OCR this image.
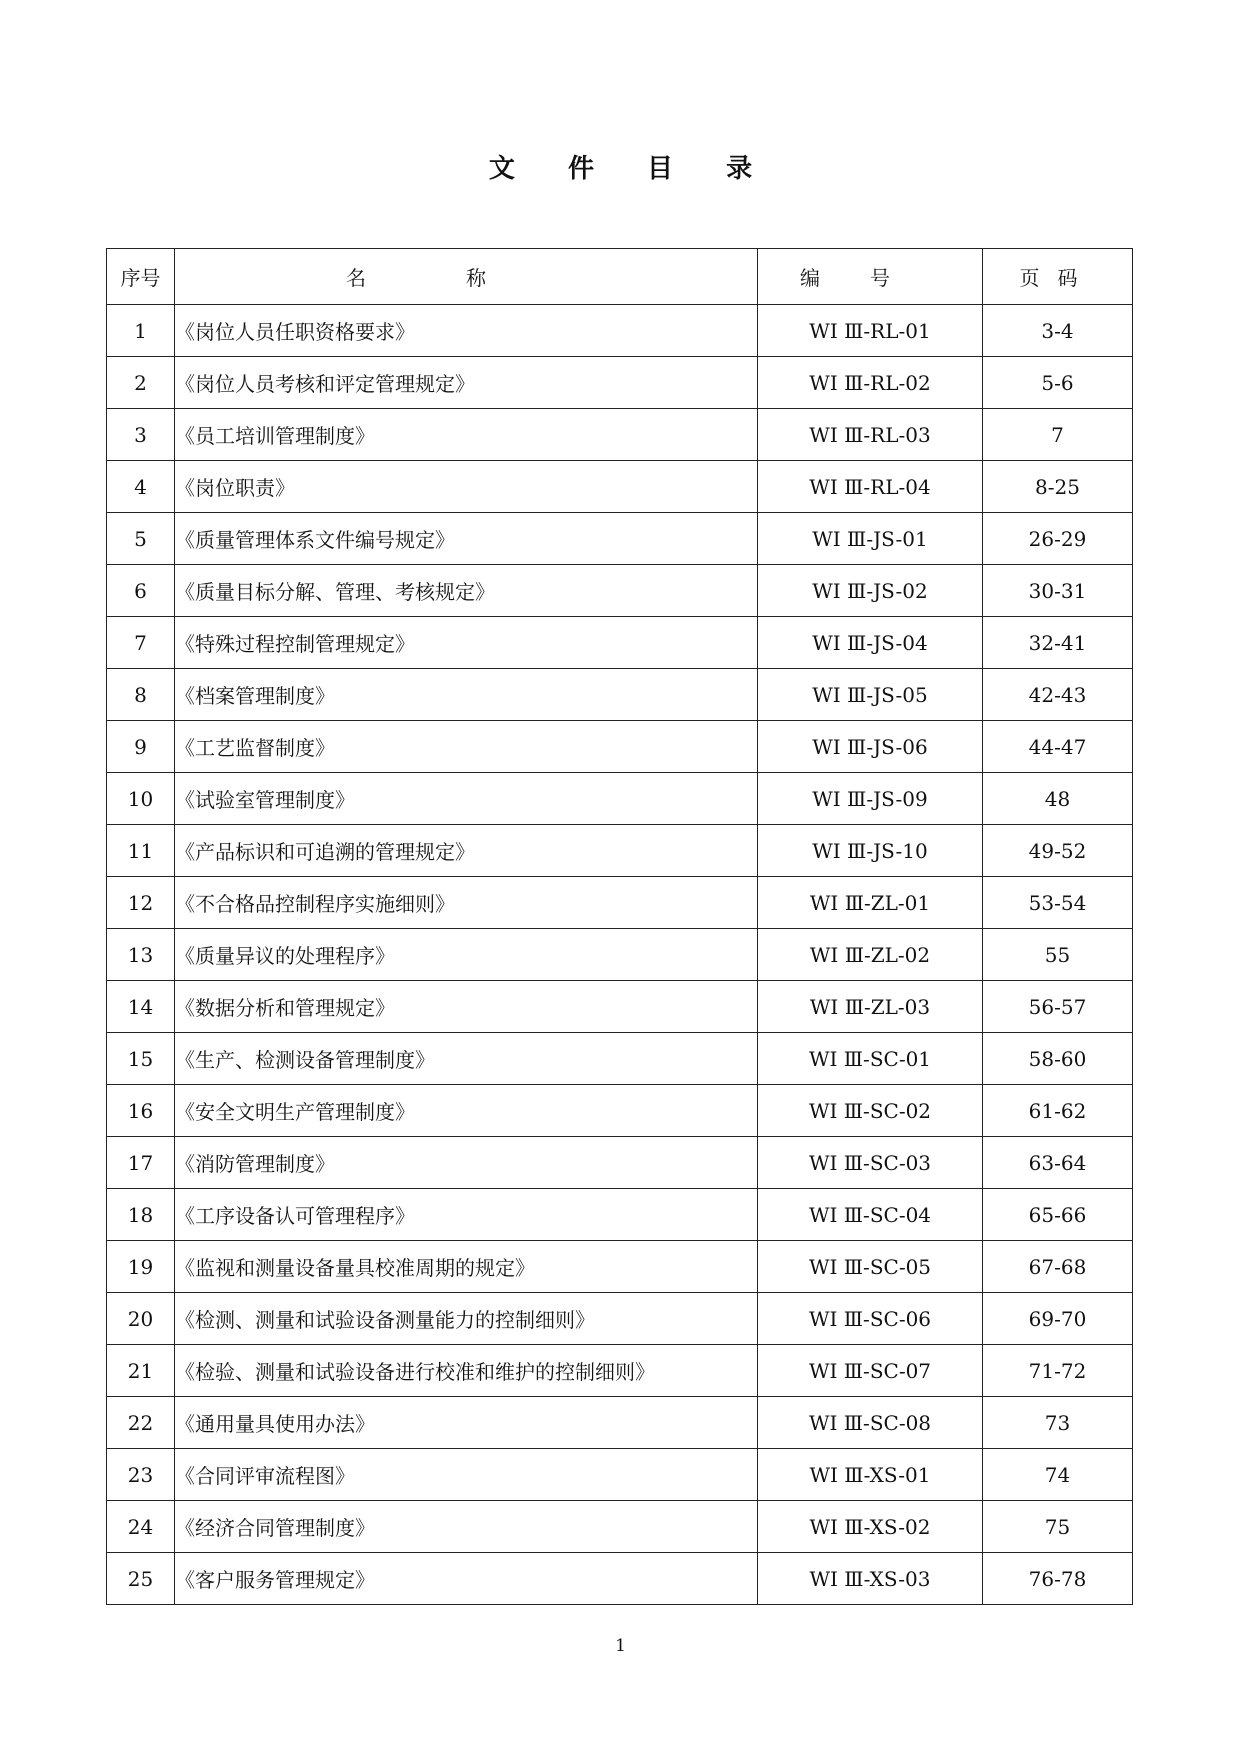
文 件 目 录
序号	名称	编号	页码
1	《岗位人员任职资格要求》	WI Ⅲ-RL-01	3-4
2	《岗位人员考核和评定管理规定》	WI Ⅲ-RL-02	5-6
3	《员工培训管理制度》	WI Ⅲ-RL-03	7
4	《岗位职责》	WI Ⅲ-RL-04	8-25
5	《质量管理体系文件编号规定》	WI Ⅲ-JS-01	26-29
6	《质量目标分解、管理、考核规定》	WI Ⅲ-JS-02	30-31
7	《特殊过程控制管理规定》	WI Ⅲ-JS-04	32-41
8	《档案管理制度》	WI Ⅲ-JS-05	42-43
9	《工艺监督制度》	WI Ⅲ-JS-06	44-47
10	《试验室管理制度》	WI Ⅲ-JS-09	48
11	《产品标识和可追溯的管理规定》	WI Ⅲ-JS-10	49-52
12	《不合格品控制程序实施细则》	WI Ⅲ-ZL-01	53-54
13	《质量异议的处理程序》	WI Ⅲ-ZL-02	55
14	《数据分析和管理规定》	WI Ⅲ-ZL-03	56-57
15	《生产、检测设备管理制度》	WI Ⅲ-SC-01	58-60
16	《安全文明生产管理制度》	WI Ⅲ-SC-02	61-62
17	《消防管理制度》	WI Ⅲ-SC-03	63-64
18	《工序设备认可管理程序》	WI Ⅲ-SC-04	65-66
19	《监视和测量设备量具校准周期的规定》	WI Ⅲ-SC-05	67-68
20	《检测、测量和试验设备测量能力的控制细则》	WI Ⅲ-SC-06	69-70
21	《检验、测量和试验设备进行校准和维护的控制细则》	WI Ⅲ-SC-07	71-72
22	《通用量具使用办法》	WI Ⅲ-SC-08	73
23	《合同评审流程图》	WI Ⅲ-XS-01	74
24	《经济合同管理制度》	WI Ⅲ-XS-02	75
25	《客户服务管理规定》	WI Ⅲ-XS-03	76-78
1
